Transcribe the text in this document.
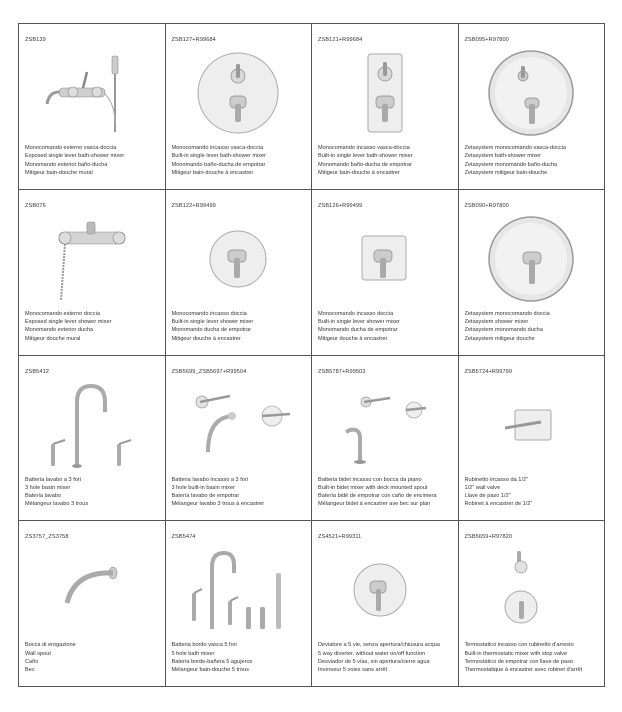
ZSB139
Monocomando esterno vasca-doccia
Exposed single lever bath-shower mixer
Monomando exterior baño-ducha
Mitigeur bain-douche mural
ZSB127+R99684
Monocomando incasso vasca-doccia
Built-in single lever bath-shower mixer
Monomando baño-ducha de empotrar
Mitigeur bain-douche à encastrer
ZSB121+R99684
Monocomando incasso vasca-doccia
Built-in single lever bath-shower mixer
Monomando baño-ducha de empotrar
Mitigeur bain-douche à encastrer
ZSB095+R97800
Zetasystem monocomando vasca-doccia
Zetasystem bath-shower mixer
Zetasystem monomando baño-ducha
Zetasystem mitigeur bain-douche
ZSB076
Monocomando esterno doccia
Exposed single lever shower mixer
Monomando exterior ducha
Mitigeur douche mural
ZSB122+R99499
Monocomando incasso doccia
Built-in single lever shower mixer
Monomando ducha de empotrar
Mitigeur douche à encastrer
ZSB126+R99499
Monocomando incasso doccia
Built-in single lever shower mixer
Monomando ducha de empotrar
Mitigeur douche à encastrer
ZSB090+R97800
Zetasystem monocomando doccia
Zetasystem shower mixer
Zetasystem monomando ducha
Zetasystem mitigeur douche
ZSB5412
Batteria lavabo a 3 fori
3 hole basin mixer
Batería lavabo
Mélangeur lavabo 3 trous
ZSB5699_ZSB5697+R99504
Batteria lavabo incasso a 3 fori
3 hole built-in basin mixer
Batería lavabo de empotrar
Mélangeur lavabo 3 trous à encastrer
ZSB5787+R99503
Batteria bidet incasso con bocca da piano
Built-in bidet mixer with deck mounted spout
Batería bidé de empotrar con caño de encimera
Mélangeur bidet à encastrer ave bec sur plan
ZSB5724+R99799
Rubinetto incasso da 1/2"
1/2" wall valve
Llave de paso 1/2"
Robinet à encastrer de 1/2"
ZS3757_ZS3758
Bocca di erogazione
Wall spout
Caño
Bec
ZSB5474
Batteria bordo vasca 5 fori
5 hole bath mixer
Batería borde-bañera 5 agujeros
Mélangeur bain-douche 5 trous
ZS4521+R99311
Deviatore a 5 vie, senza apertura/chiusura acqua
5 way diverter, without water on/off function
Desviador de 5 vías, sin apertura/cierre agua
Inverseur 5 voies sans arrêt
ZSB5659+R97820
Termostatico incasso con rubinetto d'arresto
Built-in thermostatic mixer with stop valve
Termostático de empotrar con llave de paso
Thermostatique à encastrer avec robinet d'arrêt
